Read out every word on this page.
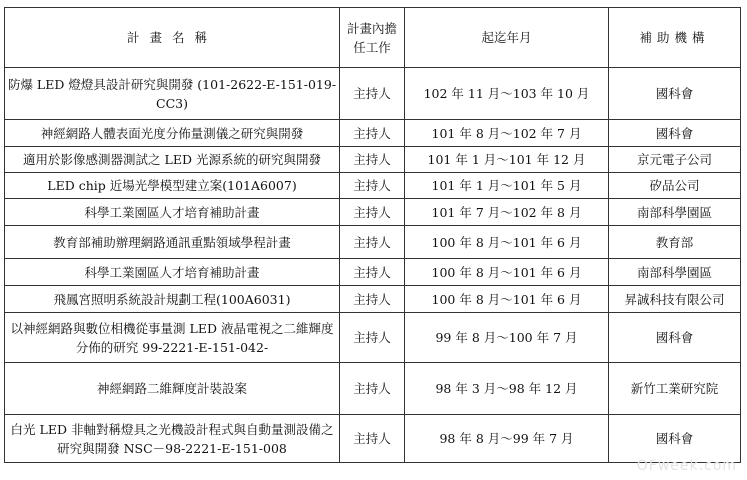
計畫名稱	計畫內擔任工作	起迄年月	補助機構
防爆 LED 燈燈具設計研究與開發 (101-2622-E-151-019-CC3)	主持人	102 年 11 月～103 年 10 月	國科會
神經網路人體表面光度分佈量測儀之研究與開發	主持人	101 年 8 月～102 年 7 月	國科會
適用於影像感測器測試之 LED 光源系統的研究與開發	主持人	101 年 1 月～101 年 12 月	京元電子公司
LED chip 近場光學模型建立案(101A6007)	主持人	101 年 1 月～101 年 5 月	矽品公司
科學工業園區人才培育補助計畫	主持人	101 年 7 月～102 年 8 月	南部科學園區
教育部補助辦理網路通訊重點領域學程計畫	主持人	100 年 8 月～101 年 6 月	教育部
科學工業園區人才培育補助計畫	主持人	100 年 8 月～101 年 6 月	南部科學園區
飛鳳宮照明系統設計規劃工程(100A6031)	主持人	100 年 8 月～101 年 6 月	昇誠科技有限公司
以神經網路與數位相機從事量測 LED 液晶電視之二維輝度分佈的研究 99-2221-E-151-042-	主持人	99 年 8 月～100 年 7 月	國科會
神經網路二維輝度計裝設案	主持人	98 年 3 月～98 年 12 月	新竹工業研究院
白光 LED 非軸對稱燈具之光機設計程式與自動量測設備之研究與開發 NSC－98-2221-E-151-008	主持人	98 年 8 月～99 年 7 月	國科會
OFweek.com
